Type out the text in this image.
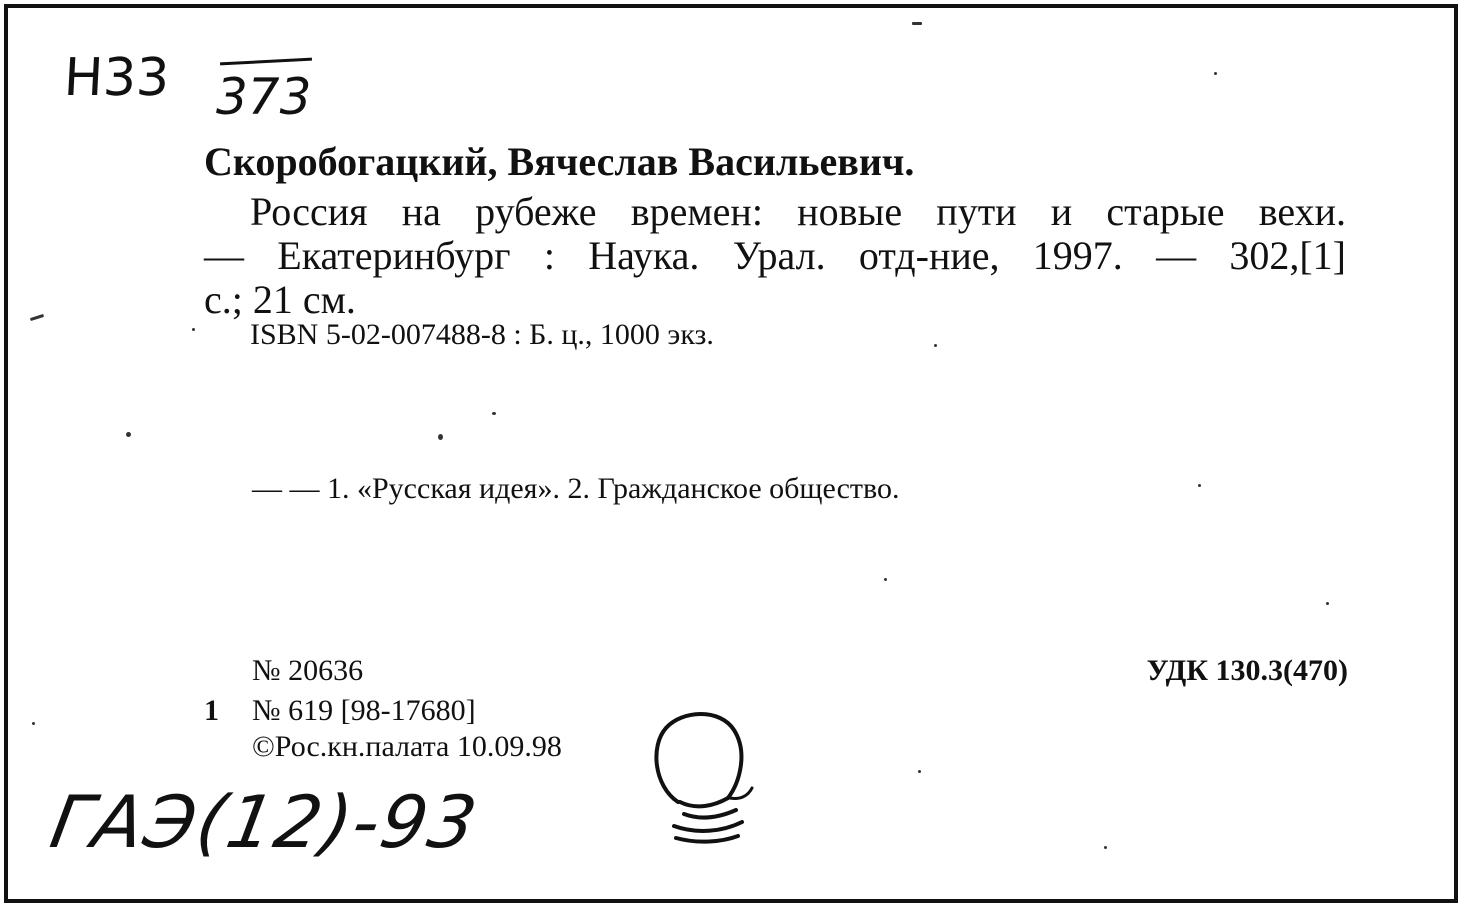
Н33 373
Скоробогацкий, Вячеслав Васильевич.
Россия на рубеже времен: новые пути и старые вехи.
— Екатеринбург : Наука. Урал. отд-ние, 1997. — 302,[1]
с.; 21 см.
ISBN 5-02-007488-8 : Б. ц., 1000 экз.
— — 1. «Русская идея». 2. Гражданское общество.
№ 20636	УДК 130.3(470)
1 № 619 [98-17680]
©Рос.кн.палата 10.09.98
ГАЭ(12)-93
